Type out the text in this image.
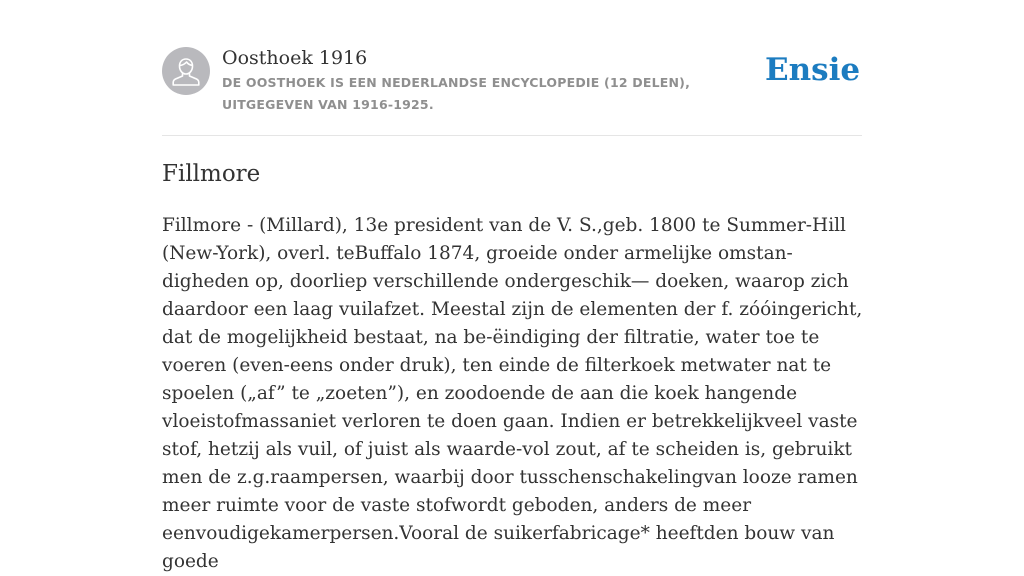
Oosthoek 1916
DE OOSTHOEK IS EEN NEDERLANDSE ENCYCLOPEDIE (12 DELEN), UITGEGEVEN VAN 1916-1925.
Ensie
Fillmore

Fillmore - (Millard), 13e president van de V. S.,geb. 1800 te Summer-Hill (New-York), overl. teBuffalo 1874, groeide onder armelijke omstan-digheden op, doorliep verschillende ondergeschik— doeken, waarop zich daardoor een laag vuilafzet. Meestal zijn de elementen der f. zóóingericht, dat de mogelijkheid bestaat, na be-ëindiging der filtratie, water toe te voeren (even-eens onder druk), ten einde de filterkoek metwater nat te spoelen („af” te „zoeten”), en zoodoende de aan die koek hangende vloeistofmassaniet verloren te doen gaan. Indien er betrekkelijkveel vaste stof, hetzij als vuil, of juist als waarde-vol zout, af te scheiden is, gebruikt men de z.g.raampersen, waarbij door tusschenschakelingvan looze ramen meer ruimte voor de vaste stofwordt geboden, anders de meer eenvoudigekamerpersen.Vooral de suikerfabricage* heeftden bouw van goede
